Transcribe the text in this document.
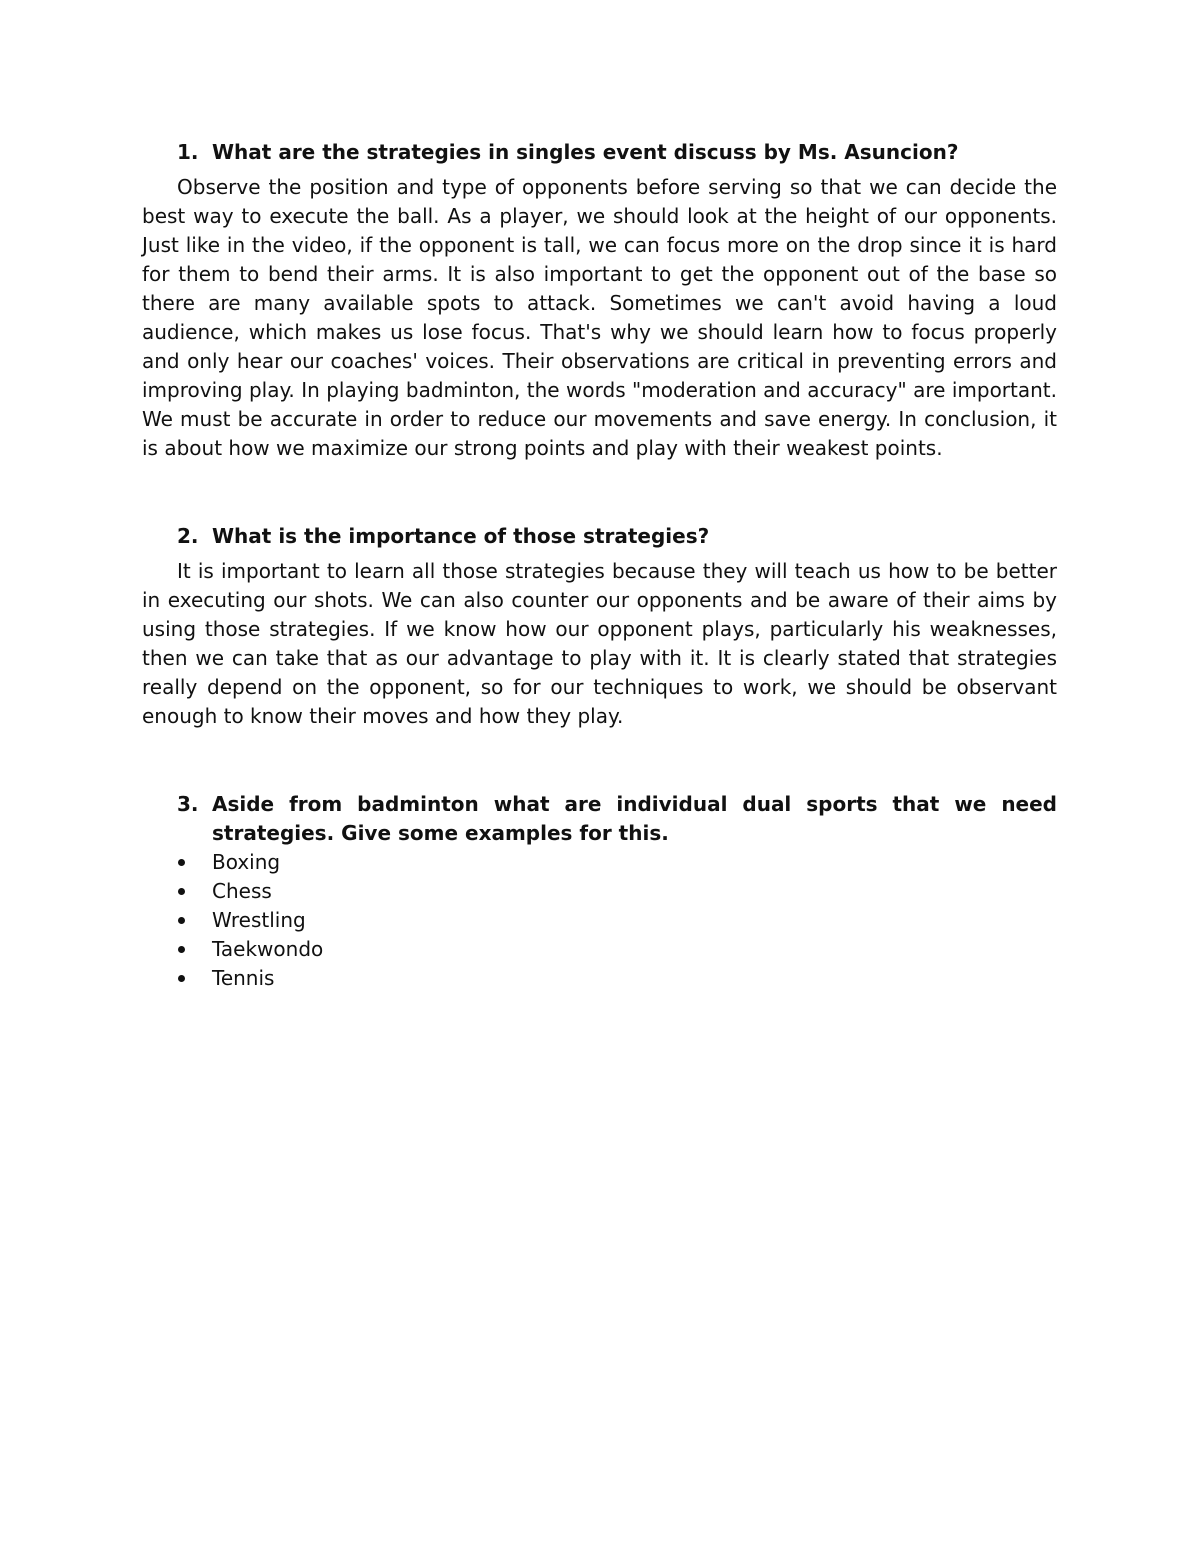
1. What are the strategies in singles event discuss by Ms. Asuncion?

Observe the position and type of opponents before serving so that we can decide the best way to execute the ball. As a player, we should look at the height of our opponents. Just like in the video, if the opponent is tall, we can focus more on the drop since it is hard for them to bend their arms. It is also important to get the opponent out of the base so there are many available spots to attack. Sometimes we can't avoid having a loud audience, which makes us lose focus. That's why we should learn how to focus properly and only hear our coaches' voices. Their observations are critical in preventing errors and improving play. In playing badminton, the words "moderation and accuracy" are important. We must be accurate in order to reduce our movements and save energy. In conclusion, it is about how we maximize our strong points and play with their weakest points.

2. What is the importance of those strategies?

It is important to learn all those strategies because they will teach us how to be better in executing our shots. We can also counter our opponents and be aware of their aims by using those strategies. If we know how our opponent plays, particularly his weaknesses, then we can take that as our advantage to play with it. It is clearly stated that strategies really depend on the opponent, so for our techniques to work, we should be observant enough to know their moves and how they play.

3. Aside from badminton what are individual dual sports that we need strategies. Give some examples for this.
Boxing
Chess
Wrestling
Taekwondo
Tennis
